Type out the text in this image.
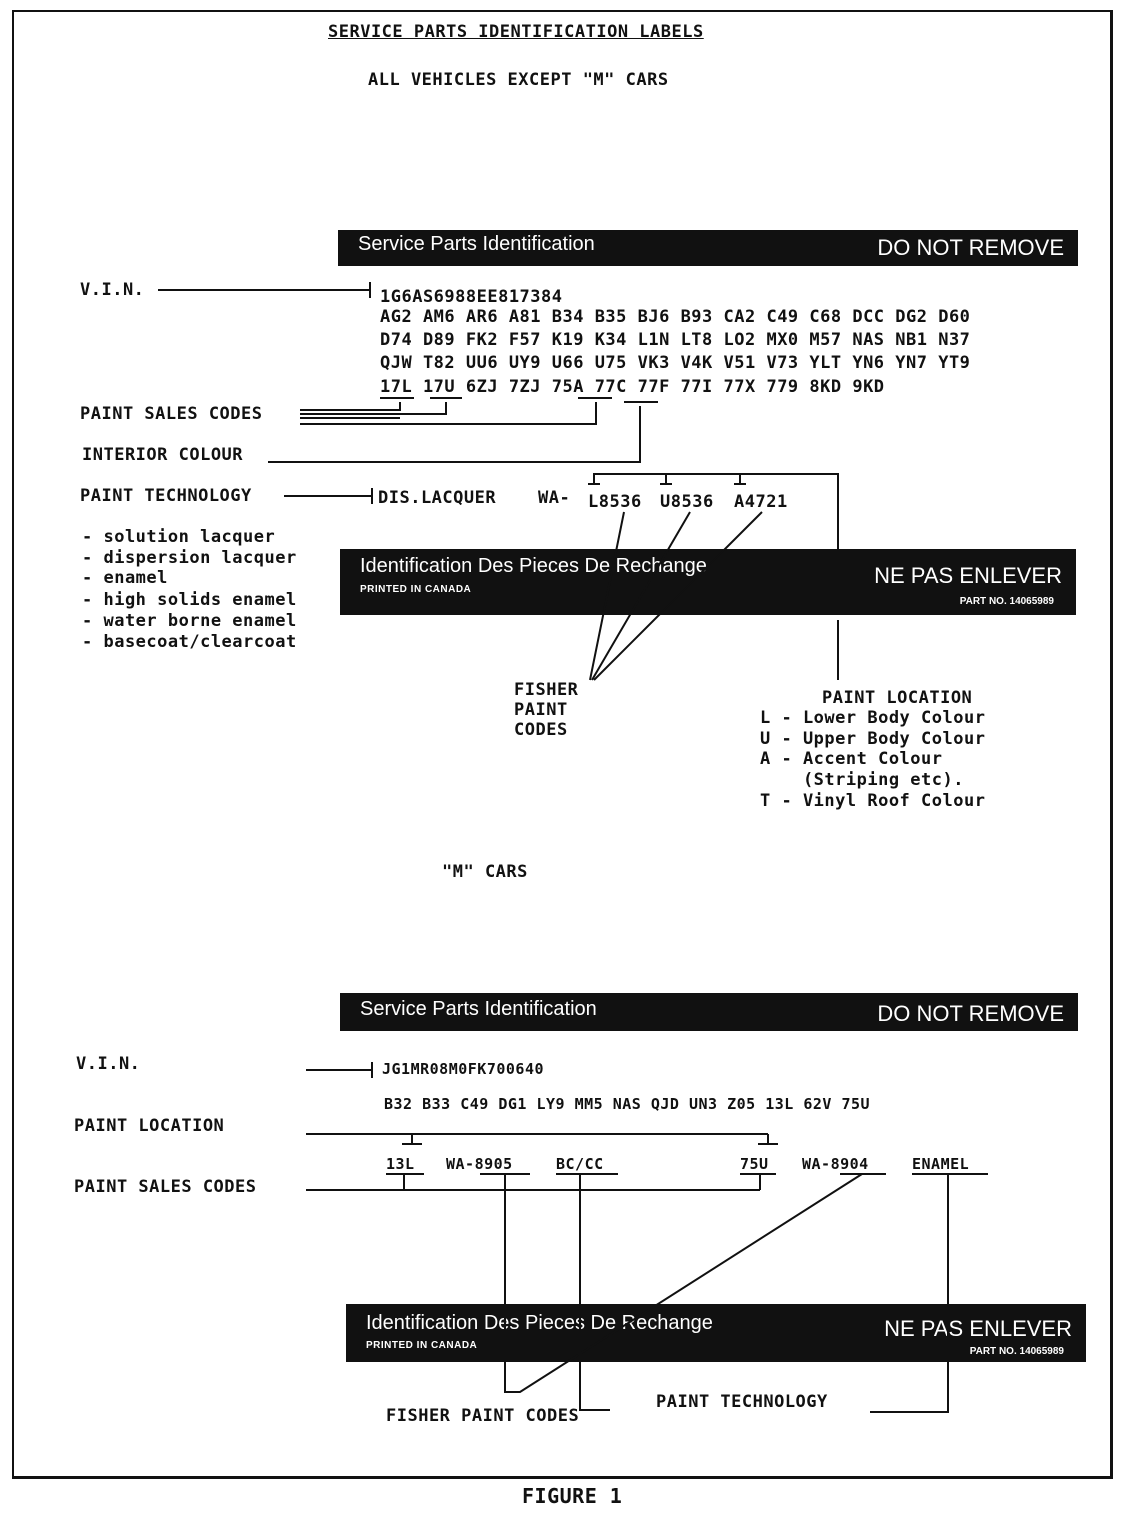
SERVICE PARTS IDENTIFICATION LABELS
ALL VEHICLES EXCEPT "M" CARS
Service Parts Identification	DO NOT REMOVE
V.I.N.	1G6AS6988EE817384
AG2 AM6 AR6 A81 B34 B35 BJ6 B93 CA2 C49 C68 DCC DG2 D60
D74 D89 FK2 F57 K19 K34 L1N LT8 LO2 MX0 M57 NAS NB1 N37
QJW T82 UU6 UY9 U66 U75 VK3 V4K V51 V73 YLT YN6 YN7 YT9
17L 17U 6ZJ 7ZJ 75A 77C 77F 77I 77X 779 8KD 9KD
PAINT SALES CODES
INTERIOR COLOUR
PAINT TECHNOLOGY	DIS.LACQUER WA- L8536 U8536 A4721
- solution lacquer
- dispersion lacquer
- enamel
- high solids enamel
- water borne enamel
- basecoat/clearcoat
Identification Des Pieces De Rechange
PRINTED IN CANADA
NE PAS ENLEVER
PART NO. 14065989
FISHER
PAINT
CODES
PAINT LOCATION
L - Lower Body Colour
U - Upper Body Colour
A - Accent Colour
(Striping etc).
T - Vinyl Roof Colour
"M" CARS
Service Parts Identification	DO NOT REMOVE
V.I.N.	JG1MR08M0FK700640
B32 B33 C49 DG1 LY9 MM5 NAS QJD UN3 Z05 13L 62V 75U
PAINT LOCATION
PAINT SALES CODES
13L WA-8905	BC/CC	75U WA-8904	ENAMEL
Identification Des Pieces De Rechange
PRINTED IN CANADA
NE PAS ENLEVER
PART NO. 14065989
FISHER PAINT CODES
PAINT TECHNOLOGY
FIGURE 1
